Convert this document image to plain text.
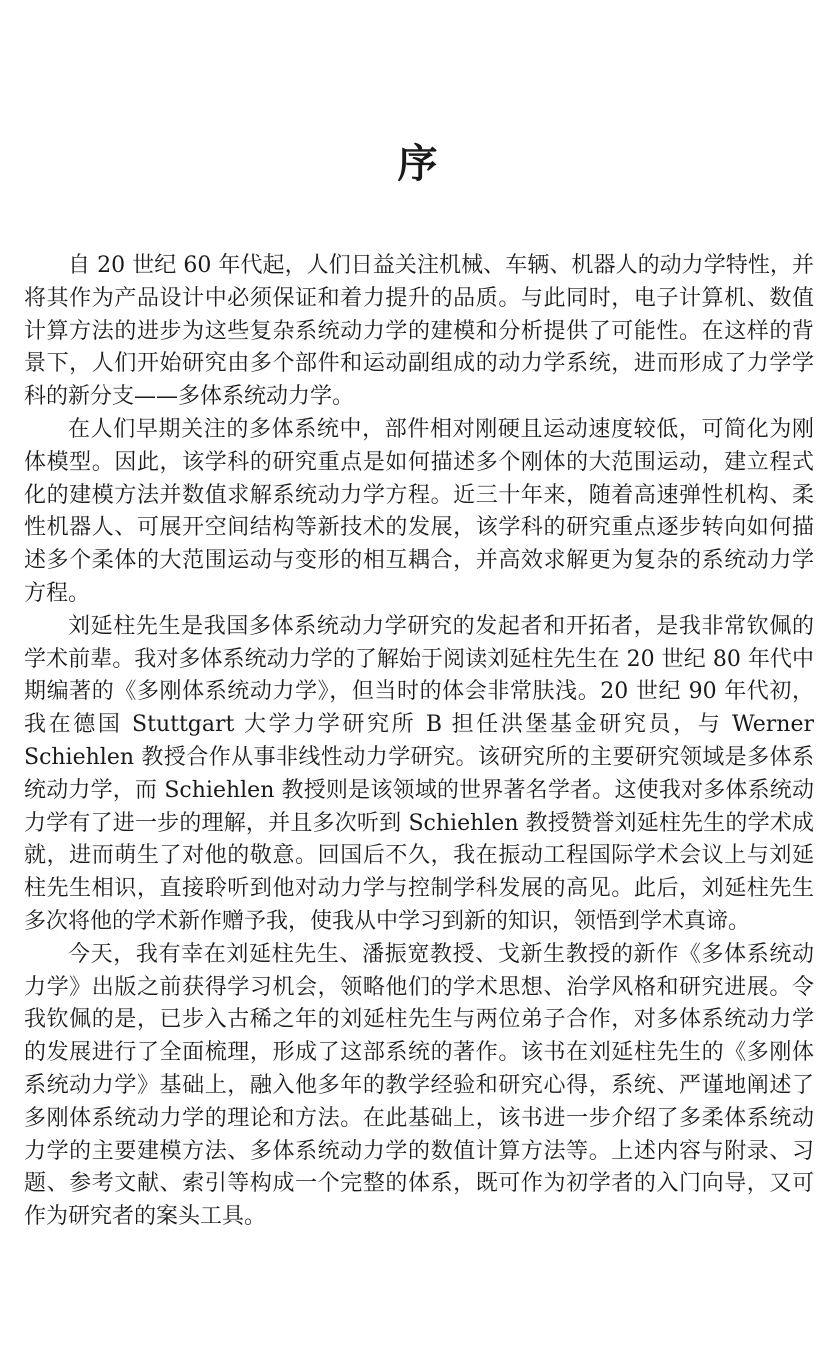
序

自 20 世纪 60 年代起，人们日益关注机械、车辆、机器人的动力学特性，并将其作为产品设计中必须保证和着力提升的品质。与此同时，电子计算机、数值计算方法的进步为这些复杂系统动力学的建模和分析提供了可能性。在这样的背景下，人们开始研究由多个部件和运动副组成的动力学系统，进而形成了力学学科的新分支——多体系统动力学。

在人们早期关注的多体系统中，部件相对刚硬且运动速度较低，可简化为刚体模型。因此，该学科的研究重点是如何描述多个刚体的大范围运动，建立程式化的建模方法并数值求解系统动力学方程。近三十年来，随着高速弹性机构、柔性机器人、可展开空间结构等新技术的发展，该学科的研究重点逐步转向如何描述多个柔体的大范围运动与变形的相互耦合，并高效求解更为复杂的系统动力学方程。

刘延柱先生是我国多体系统动力学研究的发起者和开拓者，是我非常钦佩的学术前辈。我对多体系统动力学的了解始于阅读刘延柱先生在 20 世纪 80 年代中期编著的《多刚体系统动力学》，但当时的体会非常肤浅。20 世纪 90 年代初，我在德国 Stuttgart 大学力学研究所 B 担任洪堡基金研究员，与 Werner Schiehlen 教授合作从事非线性动力学研究。该研究所的主要研究领域是多体系统动力学，而 Schiehlen 教授则是该领域的世界著名学者。这使我对多体系统动力学有了进一步的理解，并且多次听到 Schiehlen 教授赞誉刘延柱先生的学术成就，进而萌生了对他的敬意。回国后不久，我在振动工程国际学术会议上与刘延柱先生相识，直接聆听到他对动力学与控制学科发展的高见。此后，刘延柱先生多次将他的学术新作赠予我，使我从中学习到新的知识，领悟到学术真谛。

今天，我有幸在刘延柱先生、潘振宽教授、戈新生教授的新作《多体系统动力学》出版之前获得学习机会，领略他们的学术思想、治学风格和研究进展。令我钦佩的是，已步入古稀之年的刘延柱先生与两位弟子合作，对多体系统动力学的发展进行了全面梳理，形成了这部系统的著作。该书在刘延柱先生的《多刚体系统动力学》基础上，融入他多年的教学经验和研究心得，系统、严谨地阐述了多刚体系统动力学的理论和方法。在此基础上，该书进一步介绍了多柔体系统动力学的主要建模方法、多体系统动力学的数值计算方法等。上述内容与附录、习题、参考文献、索引等构成一个完整的体系，既可作为初学者的入门向导，又可作为研究者的案头工具。
